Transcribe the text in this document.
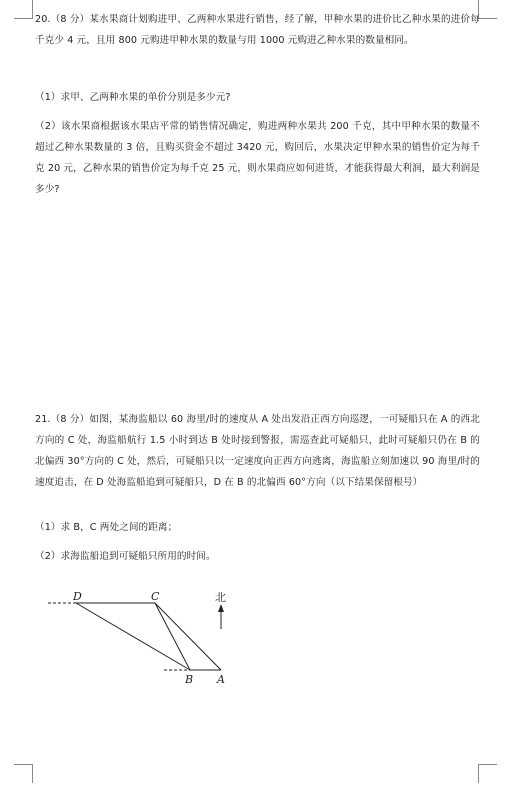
20.（8 分）某水果商计划购进甲、乙两种水果进行销售，经了解，甲种水果的进价比乙种水果的进价每千克少 4 元，且用 800 元购进甲种水果的数量与用 1000 元购进乙种水果的数量相同。

（1）求甲、乙两种水果的单价分别是多少元?

（2）该水果商根据该水果店平常的销售情况确定，购进两种水果共 200 千克，其中甲种水果的数量不超过乙种水果数量的 3 倍，且购买资金不超过 3420 元，购回后，水果决定甲种水果的销售价定为每千克 20 元，乙种水果的销售价定为每千克 25 元，则水果商应如何进货，才能获得最大利润，最大利润是多少?

21.（8 分）如图，某海监船以 60 海里/时的速度从 A 处出发沿正西方向巡逻，一可疑船只在 A 的西北方向的 C 处，海监船航行 1.5 小时到达 B 处时接到警报，需巡查此可疑船只，此时可疑船只仍在 B 的北偏西 30°方向的 C 处，然后，可疑船只以一定速度向正西方向逃离，海监船立刻加速以 90 海里/时的速度追击，在 D 处海监船追到可疑船只，D 在 B 的北偏西 60°方向（以下结果保留根号）

（1）求 B，C 两处之间的距离；

（2）求海监船追到可疑船只所用的时间。

北
D	C
B A
